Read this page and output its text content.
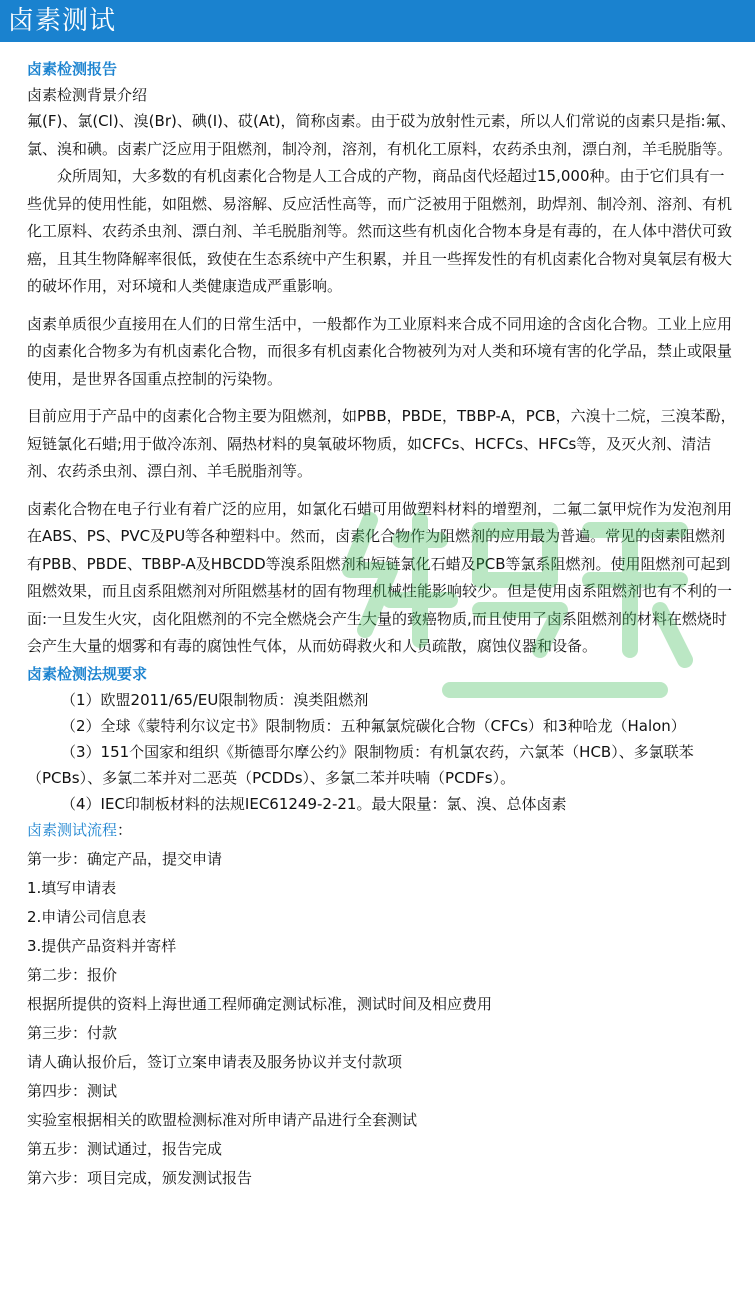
卤素测试

卤素检测报告

卤素检测背景介绍

氟(F)、氯(Cl)、溴(Br)、碘(I)、砹(At)，简称卤素。由于砹为放射性元素，所以人们常说的卤素只是指:氟、氯、溴和碘。卤素广泛应用于阻燃剂，制冷剂，溶剂，有机化工原料，农药杀虫剂，漂白剂，羊毛脱脂等。

众所周知，大多数的有机卤素化合物是人工合成的产物，商品卤代烃超过15,000种。由于它们具有一些优异的使用性能，如阻燃、易溶解、反应活性高等，而广泛被用于阻燃剂，助焊剂、制冷剂、溶剂、有机化工原料、农药杀虫剂、漂白剂、羊毛脱脂剂等。然而这些有机卤化合物本身是有毒的，在人体中潜伏可致癌，且其生物降解率很低，致使在生态系统中产生积累，并且一些挥发性的有机卤素化合物对臭氧层有极大的破坏作用，对环境和人类健康造成严重影响。

卤素单质很少直接用在人们的日常生活中，一般都作为工业原料来合成不同用途的含卤化合物。工业上应用的卤素化合物多为有机卤素化合物，而很多有机卤素化合物被列为对人类和环境有害的化学品，禁止或限量使用，是世界各国重点控制的污染物。

目前应用于产品中的卤素化合物主要为阻燃剂，如PBB，PBDE，TBBP-A，PCB，六溴十二烷，三溴苯酚，短链氯化石蜡;用于做冷冻剂、隔热材料的臭氧破坏物质，如CFCs、HCFCs、HFCs等，及灭火剂、清洁剂、农药杀虫剂、漂白剂、羊毛脱脂剂等。

卤素化合物在电子行业有着广泛的应用，如氯化石蜡可用做塑料材料的增塑剂，二氟二氯甲烷作为发泡剂用在ABS、PS、PVC及PU等各种塑料中。然而，卤素化合物作为阻燃剂的应用最为普遍。常见的卤素阻燃剂有PBB、PBDE、TBBP-A及HBCDD等溴系阻燃剂和短链氯化石蜡及PCB等氯系阻燃剂。使用阻燃剂可起到阻燃效果，而且卤系阻燃剂对所阻燃基材的固有物理机械性能影响较少。但是使用卤系阻燃剂也有不利的一面:一旦发生火灾，卤化阻燃剂的不完全燃烧会产生大量的致癌物质,而且使用了卤系阻燃剂的材料在燃烧时会产生大量的烟雾和有毒的腐蚀性气体，从而妨碍救火和人员疏散，腐蚀仪器和设备。

卤素检测法规要求

（1）欧盟2011/65/EU限制物质：溴类阻燃剂

（2）全球《蒙特利尔议定书》限制物质：五种氟氯烷碳化合物（CFCs）和3种哈龙（Halon）

（3）151个国家和组织《斯德哥尔摩公约》限制物质：有机氯农药，六氯苯（HCB）、多氯联苯（PCBs）、多氯二苯并对二恶英（PCDDs）、多氯二苯并呋喃（PCDFs）。

（4）IEC印制板材料的法规IEC61249-2-21。最大限量：氯、溴、总体卤素

卤素测试流程：

第一步：确定产品，提交申请

1.填写申请表

2.申请公司信息表

3.提供产品资料并寄样

第二步：报价

根据所提供的资料上海世通工程师确定测试标准，测试时间及相应费用

第三步：付款

请人确认报价后，签订立案申请表及服务协议并支付款项

第四步：测试

实验室根据相关的欧盟检测标准对所申请产品进行全套测试

第五步：测试通过，报告完成

第六步：项目完成，颁发测试报告
